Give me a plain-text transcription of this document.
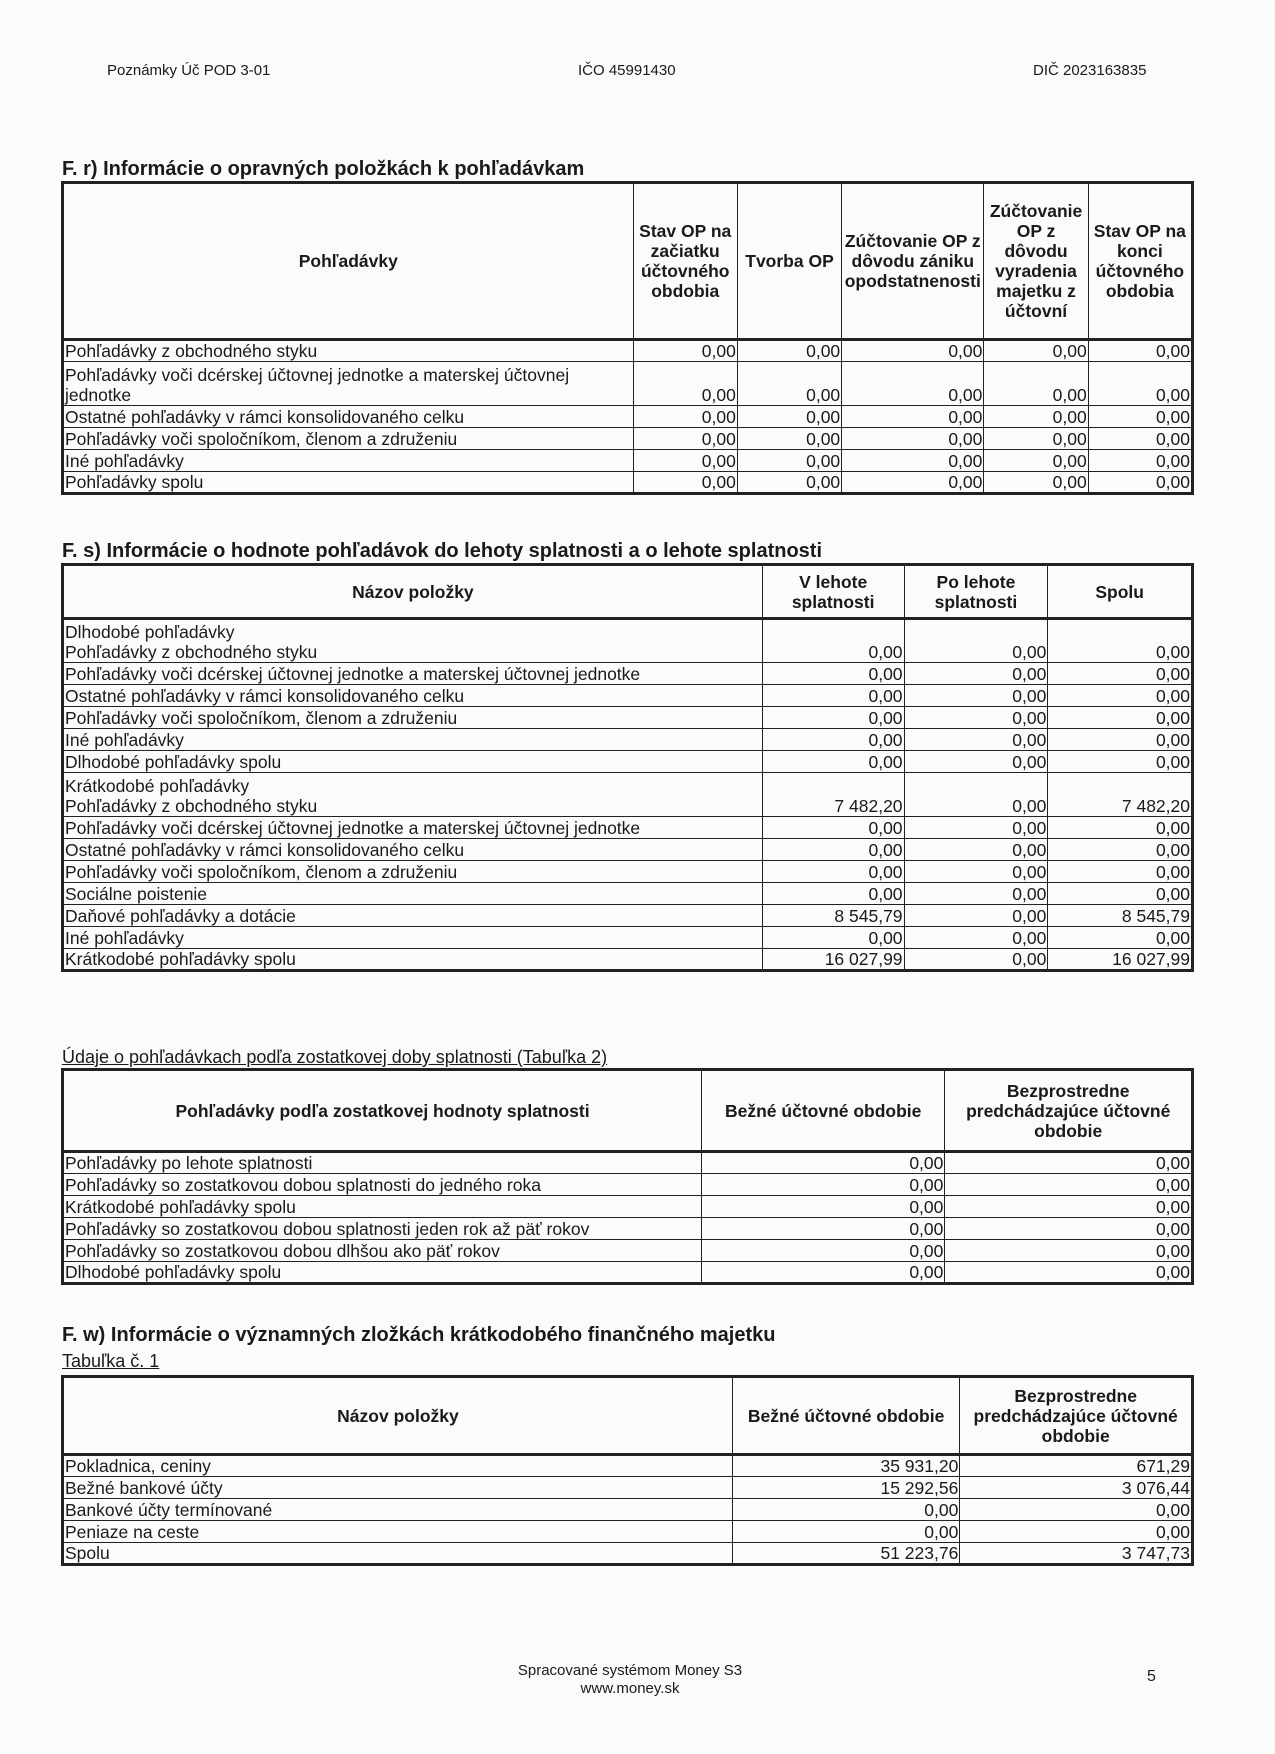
Poznámky Úč POD 3-01	IČO 45991430	DIČ 2023163835
F. r) Informácie o opravných položkách k pohľadávkam
Pohľadávky	Stav OP na začiatku účtovného obdobia	Tvorba OP	Zúčtovanie OP z dôvodu zániku opodstatnenosti	Zúčtovanie OP z dôvodu vyradenia majetku z účtovní	Stav OP na konci účtovného obdobia

Pohľadávky z obchodného styku	0,00	0,00	0,00	0,00	0,00

Pohľadávky voči dcérskej účtovnej jednotke a materskej účtovnej jednotke	0,00	0,00	0,00	0,00	0,00

Ostatné pohľadávky v rámci konsolidovaného celku	0,00	0,00	0,00	0,00	0,00

Pohľadávky voči spoločníkom, členom a združeniu	0,00	0,00	0,00	0,00	0,00

Iné pohľadávky	0,00	0,00	0,00	0,00	0,00

Pohľadávky spolu	0,00	0,00	0,00	0,00	0,00
F. s) Informácie o hodnote pohľadávok do lehoty splatnosti a o lehote splatnosti
Názov položky	V lehote splatnosti	Po lehote splatnosti	Spolu

Dlhodobé pohľadávky
Pohľadávky z obchodného styku	0,00	0,00	0,00

Pohľadávky voči dcérskej účtovnej jednotke a materskej účtovnej jednotke	0,00	0,00	0,00

Ostatné pohľadávky v rámci konsolidovaného celku	0,00	0,00	0,00

Pohľadávky voči spoločníkom, členom a združeniu	0,00	0,00	0,00

Iné pohľadávky	0,00	0,00	0,00

Dlhodobé pohľadávky spolu	0,00	0,00	0,00

Krátkodobé pohľadávky
Pohľadávky z obchodného styku	7 482,20	0,00	7 482,20

Pohľadávky voči dcérskej účtovnej jednotke a materskej účtovnej jednotke	0,00	0,00	0,00

Ostatné pohľadávky v rámci konsolidovaného celku	0,00	0,00	0,00

Pohľadávky voči spoločníkom, členom a združeniu	0,00	0,00	0,00

Sociálne poistenie	0,00	0,00	0,00

Daňové pohľadávky a dotácie	8 545,79	0,00	8 545,79

Iné pohľadávky	0,00	0,00	0,00

Krátkodobé pohľadávky spolu	16 027,99	0,00	16 027,99
Údaje o pohľadávkach podľa zostatkovej doby splatnosti (Tabuľka 2)
Pohľadávky podľa zostatkovej hodnoty splatnosti	Bežné účtovné obdobie	Bezprostredne predchádzajúce účtovné obdobie

Pohľadávky po lehote splatnosti	0,00	0,00

Pohľadávky so zostatkovou dobou splatnosti do jedného roka	0,00	0,00

Krátkodobé pohľadávky spolu	0,00	0,00

Pohľadávky so zostatkovou dobou splatnosti jeden rok až päť rokov	0,00	0,00

Pohľadávky so zostatkovou dobou dlhšou ako päť rokov	0,00	0,00

Dlhodobé pohľadávky spolu	0,00	0,00
F. w) Informácie o významných zložkách krátkodobého finančného majetku
Tabuľka č. 1
Názov položky	Bežné účtovné obdobie	Bezprostredne predchádzajúce účtovné obdobie

Pokladnica, ceniny	35 931,20	671,29

Bežné bankové účty	15 292,56	3 076,44

Bankové účty termínované	0,00	0,00

Peniaze na ceste	0,00	0,00

Spolu	51 223,76	3 747,73
Spracované systémom Money S3
www.money.sk
5
